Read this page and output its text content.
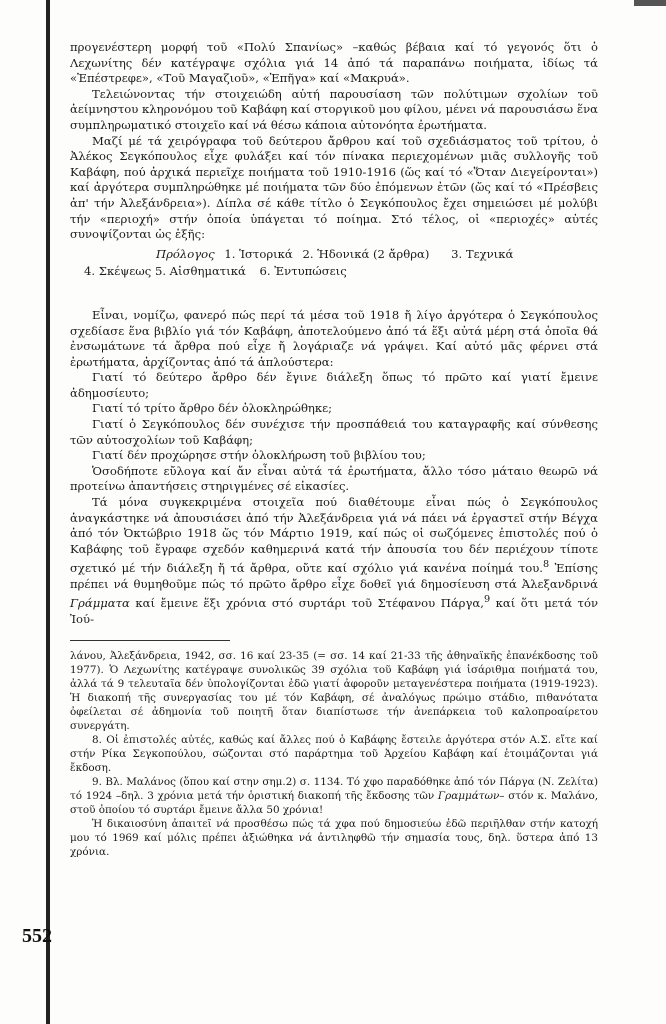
προγενέστερη μορφή τοῦ «Πολύ Σπανίως» –καθώς βέβαια καί τό γεγονός ὅτι ὁ Λεχωνίτης δέν κατέγραψε σχόλια γιά 14 ἀπό τά παραπάνω ποιήματα, ἰδίως τά «Ἐπέστρεφε», «Τοῦ Μαγαζιοῦ», «Ἐπῆγα» καί «Μακρυά».

Τελειώνοντας τήν στοιχειώδη αὐτή παρουσίαση τῶν πολύτιμων σχολίων τοῦ ἀείμνηστου κληρονόμου τοῦ Καβάφη καί στοργικοῦ μου φίλου, μένει νά παρουσιάσω ἕνα συμπληρωματικό στοιχεῖο καί νά θέσω κάποια αὐτονόητα ἐρωτήματα.

Μαζί μέ τά χειρόγραφα τοῦ δεύτερου ἄρθρου καί τοῦ σχεδιάσματος τοῦ τρίτου, ὁ Ἀλέκος Σεγκόπουλος εἶχε φυλάξει καί τόν πίνακα περιεχομένων μιᾶς συλλογῆς τοῦ Καβάφη, πού ἀρχικά περιεῖχε ποιήματα τοῦ 1910-1916 (ὥς καί τό «Ὅταν Διεγείρονται») καί ἀργότερα συμπληρώθηκε μέ ποιήματα τῶν δύο ἑπόμενων ἐτῶν (ὥς καί τό «Πρέσβεις ἀπ' τήν Ἀλεξάνδρεια»). Δίπλα σέ κάθε τίτλο ὁ Σεγκόπουλος ἔχει σημειώσει μέ μολύβι τήν «περιοχή» στήν ὁποία ὑπάγεται τό ποίημα. Στό τέλος, οἱ «περιοχές» αὐτές συνοψίζονται ὡς ἑξῆς:

Πρόλογος 1. Ἱστορικά 2. Ἡδονικά (2 ἄρθρα) 3. Τεχνικά
4. Σκέψεως 5. Αἰσθηματικά 6. Ἐντυπώσεις

Εἶναι, νομίζω, φανερό πώς περί τά μέσα τοῦ 1918 ἤ λίγο ἀργότερα ὁ Σεγκόπουλος σχεδίασε ἕνα βιβλίο γιά τόν Καβάφη, ἀποτελούμενο ἀπό τά ἕξι αὐτά μέρη στά ὁποῖα θά ἐνσωμάτωνε τά ἄρθρα πού εἶχε ἤ λογάριαζε νά γράψει. Καί αὐτό μᾶς φέρνει στά ἐρωτήματα, ἀρχίζοντας ἀπό τά ἁπλούστερα:

Γιατί τό δεύτερο ἄρθρο δέν ἔγινε διάλεξη ὅπως τό πρῶτο καί γιατί ἔμεινε ἀδημοσίευτο;

Γιατί τό τρίτο ἄρθρο δέν ὁλοκληρώθηκε;

Γιατί ὁ Σεγκόπουλος δέν συνέχισε τήν προσπάθειά του καταγραφῆς καί σύνθεσης τῶν αὐτοσχολίων τοῦ Καβάφη;

Γιατί δέν προχώρησε στήν ὁλοκλήρωση τοῦ βιβλίου του;

Ὁσοδήποτε εὔλογα καί ἄν εἶναι αὐτά τά ἐρωτήματα, ἄλλο τόσο μάταιο θεωρῶ νά προτείνω ἀπαντήσεις στηριγμένες σέ εἰκασίες.

Τά μόνα συγκεκριμένα στοιχεῖα πού διαθέτουμε εἶναι πώς ὁ Σεγκόπουλος ἀναγκάστηκε νά ἀπουσιάσει ἀπό τήν Ἀλεξάνδρεια γιά νά πάει νά ἐργαστεῖ στήν Βέγχα ἀπό τόν Ὀκτώβριο 1918 ὥς τόν Μάρτιο 1919, καί πώς οἱ σωζόμενες ἐπιστολές πού ὁ Καβάφης τοῦ ἔγραφε σχεδόν καθημερινά κατά τήν ἀπουσία του δέν περιέχουν τίποτε σχετικό μέ τήν διάλεξη ἤ τά ἄρθρα, οὔτε καί σχόλιο γιά κανένα ποίημά του.$^8$ Ἐπίσης πρέπει νά θυμηθοῦμε πώς τό πρῶτο ἄρθρο εἶχε δοθεῖ γιά δημοσίευση στά Ἀλεξανδρινά Γράμματα καί ἔμεινε ἕξι χρόνια στό συρτάρι τοῦ Στέφανου Πάργα,$^9$ καί ὅτι μετά τόν Ἰού-

λάνου, Ἀλεξάνδρεια, 1942, σσ. 16 καί 23-35 (= σσ. 14 καί 21-33 τῆς ἀθηναϊκῆς ἐπανέκδοσης τοῦ 1977). Ὁ Λεχωνίτης κατέγραψε συνολικῶς 39 σχόλια τοῦ Καβάφη γιά ἰσάριθμα ποιήματά του, ἀλλά τά 9 τελευταῖα δέν ὑπολογίζονται ἐδῶ γιατί ἀφοροῦν μεταγενέστερα ποιήματα (1919-1923). Ἡ διακοπή τῆς συνεργασίας του μέ τόν Καβάφη, σέ ἀναλόγως πρώιμο στάδιο, πιθανότατα ὀφείλεται σέ ἀδημονία τοῦ ποιητῆ ὅταν διαπίστωσε τήν ἀνεπάρκεια τοῦ καλοπροαίρετου συνεργάτη.

8. Οἱ ἐπιστολές αὐτές, καθώς καί ἄλλες πού ὁ Καβάφης ἔστειλε ἀργότερα στόν Α.Σ. εἴτε καί στήν Ρίκα Σεγκοπούλου, σώζονται στό παράρτημα τοῦ Ἀρχείου Καβάφη καί ἑτοιμάζονται γιά ἔκδοση.

9. Βλ. Μαλάνος (ὅπου καί στην σημ.2) σ. 1134. Τό χφο παραδόθηκε ἀπό τόν Πάργα (Ν. Ζελίτα) τό 1924 –δηλ. 3 χρόνια μετά τήν ὁριστική διακοπή τῆς ἔκδοσης τῶν Γραμμάτων– στόν κ. Μαλάνο, στοῦ ὁποίου τό συρτάρι ἔμεινε ἄλλα 50 χρόνια!

Ἡ δικαιοσύνη ἀπαιτεῖ νά προσθέσω πώς τά χφα πού δημοσιεύω ἐδῶ περιῆλθαν στήν κατοχή μου τό 1969 καί μόλις πρέπει ἀξιώθηκα νά ἀντιληφθῶ τήν σημασία τους, δηλ. ὕστερα ἀπό 13 χρόνια.

552
